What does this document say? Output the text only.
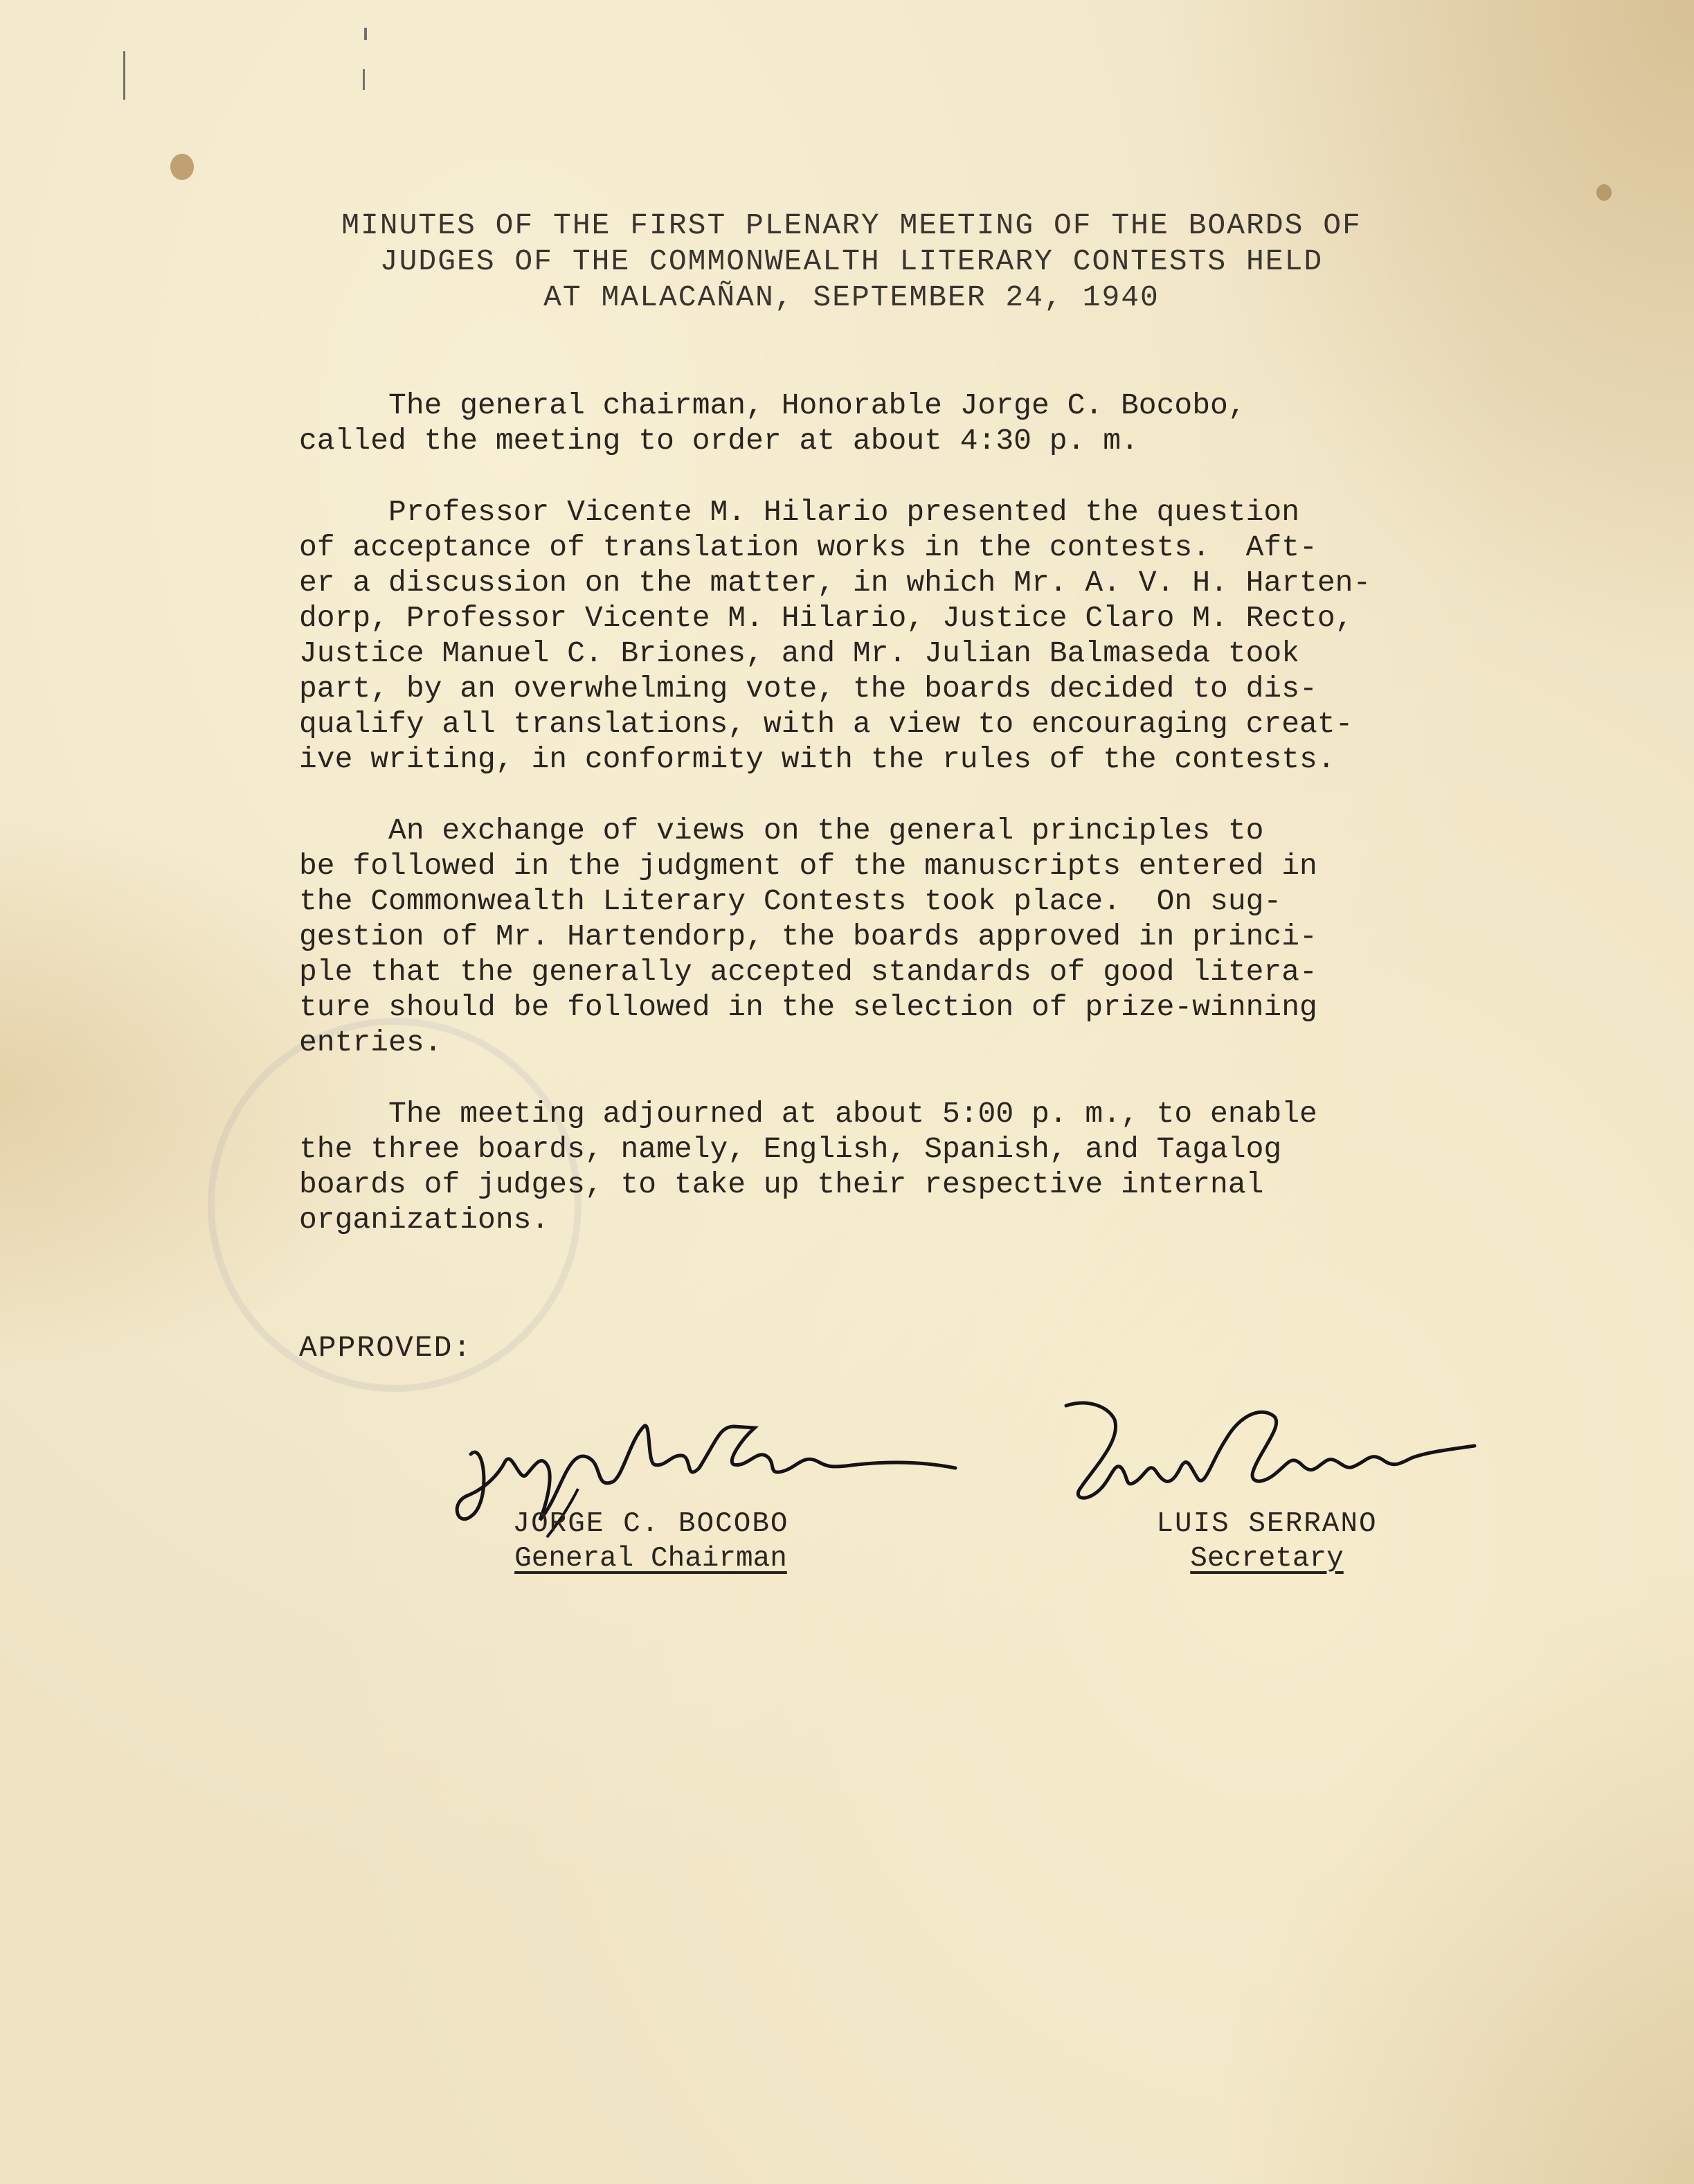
MINUTES OF THE FIRST PLENARY MEETING OF THE BOARDS OF
JUDGES OF THE COMMONWEALTH LITERARY CONTESTS HELD
AT MALACAÑAN, SEPTEMBER 24, 1940
The general chairman, Honorable Jorge C. Bocobo,
called the meeting to order at about 4:30 p. m.
Professor Vicente M. Hilario presented the question
of acceptance of translation works in the contests.  Aft-
er a discussion on the matter, in which Mr. A. V. H. Harten-
dorp, Professor Vicente M. Hilario, Justice Claro M. Recto,
Justice Manuel C. Briones, and Mr. Julian Balmaseda took
part, by an overwhelming vote, the boards decided to dis-
qualify all translations, with a view to encouraging creat-
ive writing, in conformity with the rules of the contests.
An exchange of views on the general principles to
be followed in the judgment of the manuscripts entered in
the Commonwealth Literary Contests took place.  On sug-
gestion of Mr. Hartendorp, the boards approved in princi-
ple that the generally accepted standards of good litera-
ture should be followed in the selection of prize-winning
entries.
The meeting adjourned at about 5:00 p. m., to enable
the three boards, namely, English, Spanish, and Tagalog
boards of judges, to take up their respective internal
organizations.
APPROVED:
JORGE C. BOCOBO
General Chairman
LUIS SERRANO
Secretary
